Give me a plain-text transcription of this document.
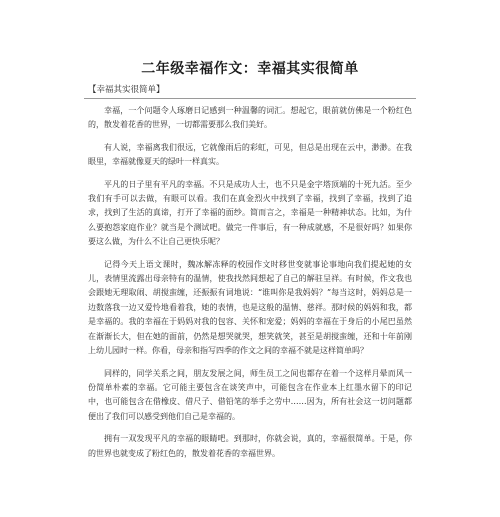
二年级幸福作文：幸福其实很简单
【幸福其实很简单】

幸福，一个问题令人琢磨日记感到一种温馨的词汇。想起它，眼前就仿佛是一个粉红色的，散发着花香的世界，一切都需要那么我们美好。

有人说，幸福离我们很远，它就像雨后的彩虹，可见，但总是出现在云中，渺渺。在我眼里，幸福就像夏天的绿叶一样真实。

平凡的日子里有平凡的幸福。不只是成功人士，也不只是金字塔顶端的十死九活。至少我们有手可以去做，有眼可以看。我们在真金烈火中找到了幸福，找到了幸福，找到了追求，找到了生活的真谛，打开了幸福的面纱。简而言之，幸福是一种精神状态。比如，为什么要抱怨家庭作业？就当是个测试吧。做完一件事后，有一种成就感，不是很好吗？如果你要这么做，为什么不让自己更快乐呢？

记得今天上语文课时，魏冰解冻释的校园作文时移世变就事论事地向我们提起她的女儿，表情里流露出母亲特有的温情，使我找然间想起了自己的解驻呈祥。有时候，作文我也会跟她无理取闹、胡搅蛮缠，还振振有词地说：“谁叫你是我妈妈？”每当这时，妈妈总是一边数落我一边又爱怜地看着我，她的表情，也是这般的温情、慈祥。那时候的妈妈和我，都是幸福的。我的幸福在于妈妈对我的包容、关怀和宠爱；妈妈的幸福在于身后的小尾巴虽然在渐渐长大，但在她的面前，仍然是想哭就哭，想笑就笑，甚至是胡搅蛮缠，还和十年前刚上幼儿园时一样。你看，母亲和指写四季的作文之间的幸福不就是这样简单吗？

同样的，同学关系之间，朋友发展之间，师生员工之间也都存在着一个这样月晕而风一份简单朴素的幸福。它可能主要包含在谈笑声中，可能包含在作业本上红墨水留下的印记中，也可能包含在借橡皮、借尺子、借铅笔的举手之劳中……因为，所有社会这一切问题都便出了我们可以感受到他们自己是幸福的。

拥有一双发现平凡的幸福的眼睛吧。到那时，你就会说，真的，幸福很简单。于是，你的世界也就变成了粉红色的，散发着花香的幸福世界。
